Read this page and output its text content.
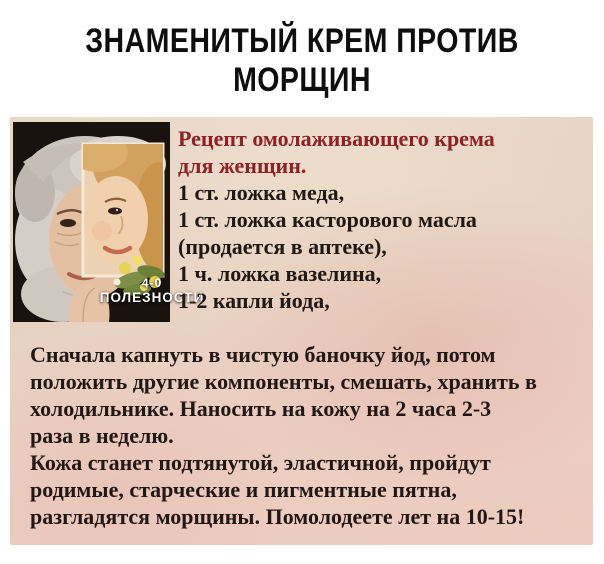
ЗНАМЕНИТЫЙ КРЕМ ПРОТИВ
МОРЩИН
4-0
ПОЛЕЗНОСТИ
Рецепт омолаживающего крема
для женщин.
1 ст. ложка меда,
1 ст. ложка касторового масла
(продается в аптеке),
1 ч. ложка вазелина,
1-2 капли йода,
Сначала капнуть в чистую баночку йод, потом
положить другие компоненты, смешать, хранить в
холодильнике. Наносить на кожу на 2 часа 2-3
раза в неделю.
Кожа станет подтянутой, эластичной, пройдут
родимые, старческие и пигментные пятна,
разгладятся морщины. Помолодеете лет на 10-15!
